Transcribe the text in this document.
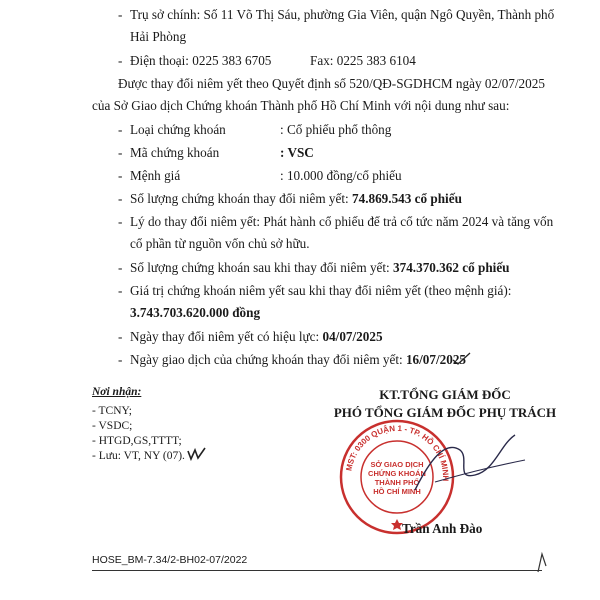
- Trụ sở chính: Số 11 Võ Thị Sáu, phường Gia Viên, quận Ngô Quyền, Thành phố
Hải Phòng
- Điện thoại: 0225 383 6705	Fax: 0225 383 6104
Được thay đổi niêm yết theo Quyết định số 520/QĐ-SGDHCM ngày 02/07/2025
của Sở Giao dịch Chứng khoán Thành phố Hồ Chí Minh với nội dung như sau:
- Loại chứng khoán	: Cổ phiếu phổ thông
- Mã chứng khoán	: VSC
- Mệnh giá	: 10.000 đồng/cổ phiếu
- Số lượng chứng khoán thay đổi niêm yết: 74.869.543 cổ phiếu
- Lý do thay đổi niêm yết: Phát hành cổ phiếu để trả cổ tức năm 2024 và tăng vốn
cổ phần từ nguồn vốn chủ sở hữu.
- Số lượng chứng khoán sau khi thay đổi niêm yết: 374.370.362 cổ phiếu
- Giá trị chứng khoán niêm yết sau khi thay đổi niêm yết (theo mệnh giá):
3.743.703.620.000 đồng
- Ngày thay đổi niêm yết có hiệu lực: 04/07/2025
- Ngày giao dịch của chứng khoán thay đổi niêm yết: 16/07/2025
Nơi nhận:
- TCNY;
- VSDC;
- HTGD,GS,TTTT;
- Lưu: VT, NY (07).
KT.TỔNG GIÁM ĐỐC
PHÓ TỔNG GIÁM ĐỐC PHỤ TRÁCH
MST: 0300 QUẬN 1 - TP. HỒ CHÍ MINH
SỞ GIAO DỊCH
CHỨNG KHOÁN
THÀNH PHỐ
HỒ CHÍ MINH
Trần Anh Đào
HOSE_BM-7.34/2-BH02-07/2022
